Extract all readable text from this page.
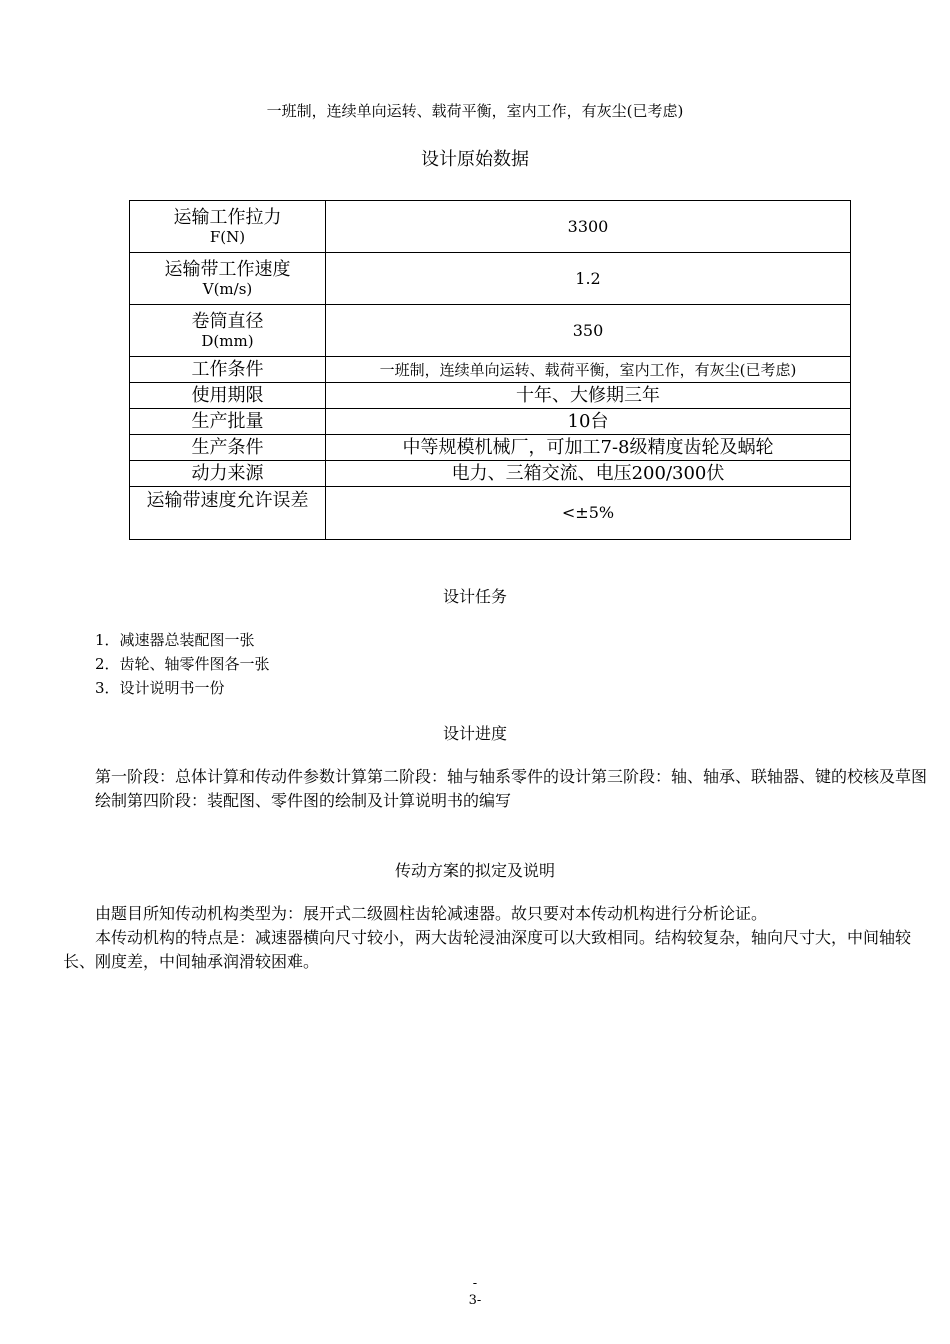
一班制，连续单向运转、载荷平衡，室内工作，有灰尘(已考虑)
设计原始数据
运输工作拉力
F(N)	3300
运输带工作速度
V(m/s)	1.2
卷筒直径
D(mm)	350
工作条件	一班制，连续单向运转、载荷平衡，室内工作，有灰尘(已考虑)
使用期限	十年、大修期三年
生产批量	10台
生产条件	中等规模机械厂，可加工7-8级精度齿轮及蜗轮
动力来源	电力、三箱交流、电压200/300伏
运输带速度允许误差	<±5%
设计任务
1．减速器总装配图一张
2．齿轮、轴零件图各一张
3．设计说明书一份
设计进度
第一阶段：总体计算和传动件参数计算第二阶段：轴与轴系零件的设计第三阶段：轴、轴承、联轴器、键的校核及草图绘制第四阶段：装配图、零件图的绘制及计算说明书的编写
传动方案的拟定及说明
由题目所知传动机构类型为：展开式二级圆柱齿轮减速器。故只要对本传动机构进行分析论证。
本传动机构的特点是：减速器横向尺寸较小，两大齿轮浸油深度可以大致相同。结构较复杂，轴向尺寸大，中间轴较长、刚度差，中间轴承润滑较困难。
-
3-
